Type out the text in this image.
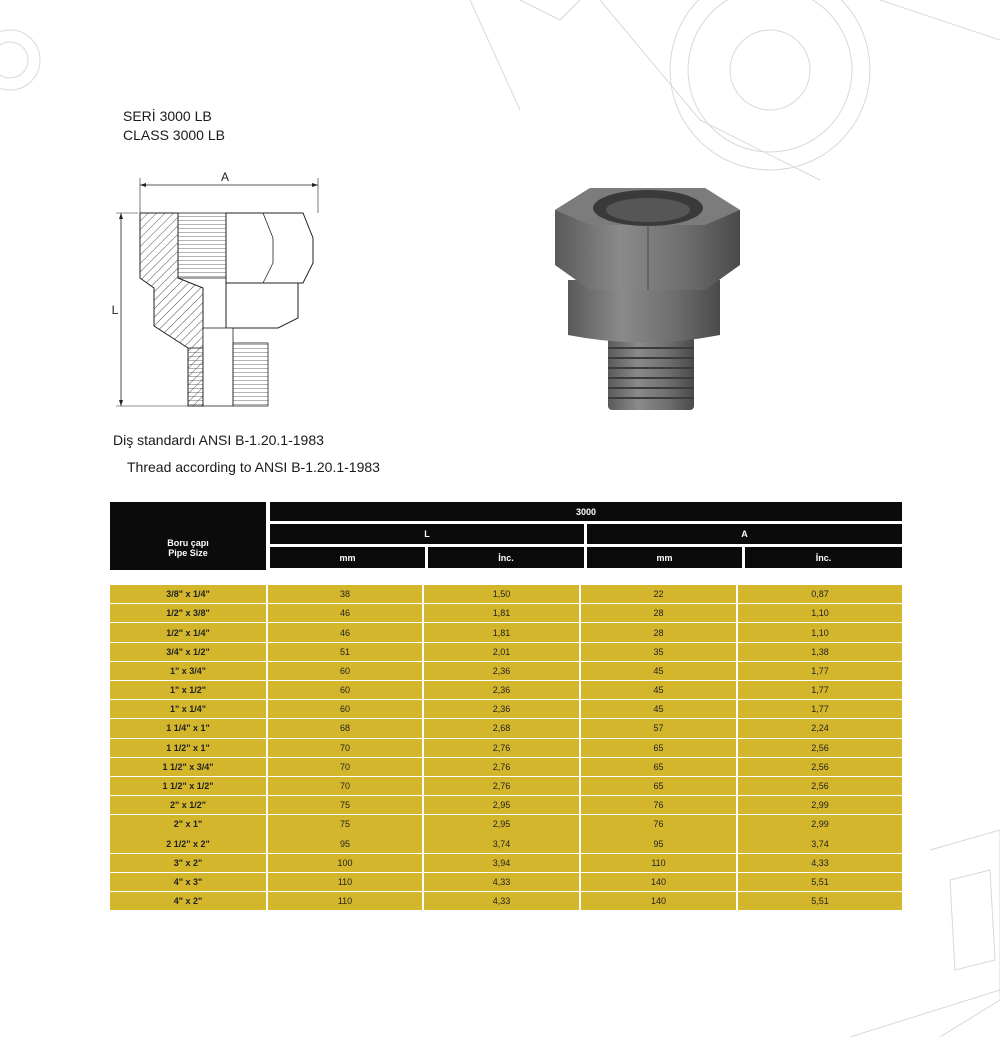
SERİ 3000 LB
CLASS 3000 LB
A
L
Diş standardı ANSI B-1.20.1-1983
Thread according to ANSI B-1.20.1-1983
Boru çapı
Pipe Size
3000
L	A
mm	İnc.	mm	İnc.
3/8" x 1/4"	38	1,50	22	0,87
1/2" x 3/8"	46	1,81	28	1,10
1/2" x 1/4"	46	1,81	28	1,10
3/4" x 1/2"	51	2,01	35	1,38
1" x 3/4"	60	2,36	45	1,77
1" x 1/2"	60	2,36	45	1,77
1" x 1/4"	60	2,36	45	1,77
1 1/4" x 1"	68	2,68	57	2,24
1 1/2" x 1"	70	2,76	65	2,56
1 1/2" x 3/4"	70	2,76	65	2,56
1 1/2" x 1/2"	70	2,76	65	2,56
2" x 1/2"	75	2,95	76	2,99
2" x 1"	75	2,95	76	2,99
2 1/2" x 2"	95	3,74	95	3,74
3" x 2"	100	3,94	110	4,33
4" x 3"	110	4,33	140	5,51
4" x 2"	110	4,33	140	5,51
